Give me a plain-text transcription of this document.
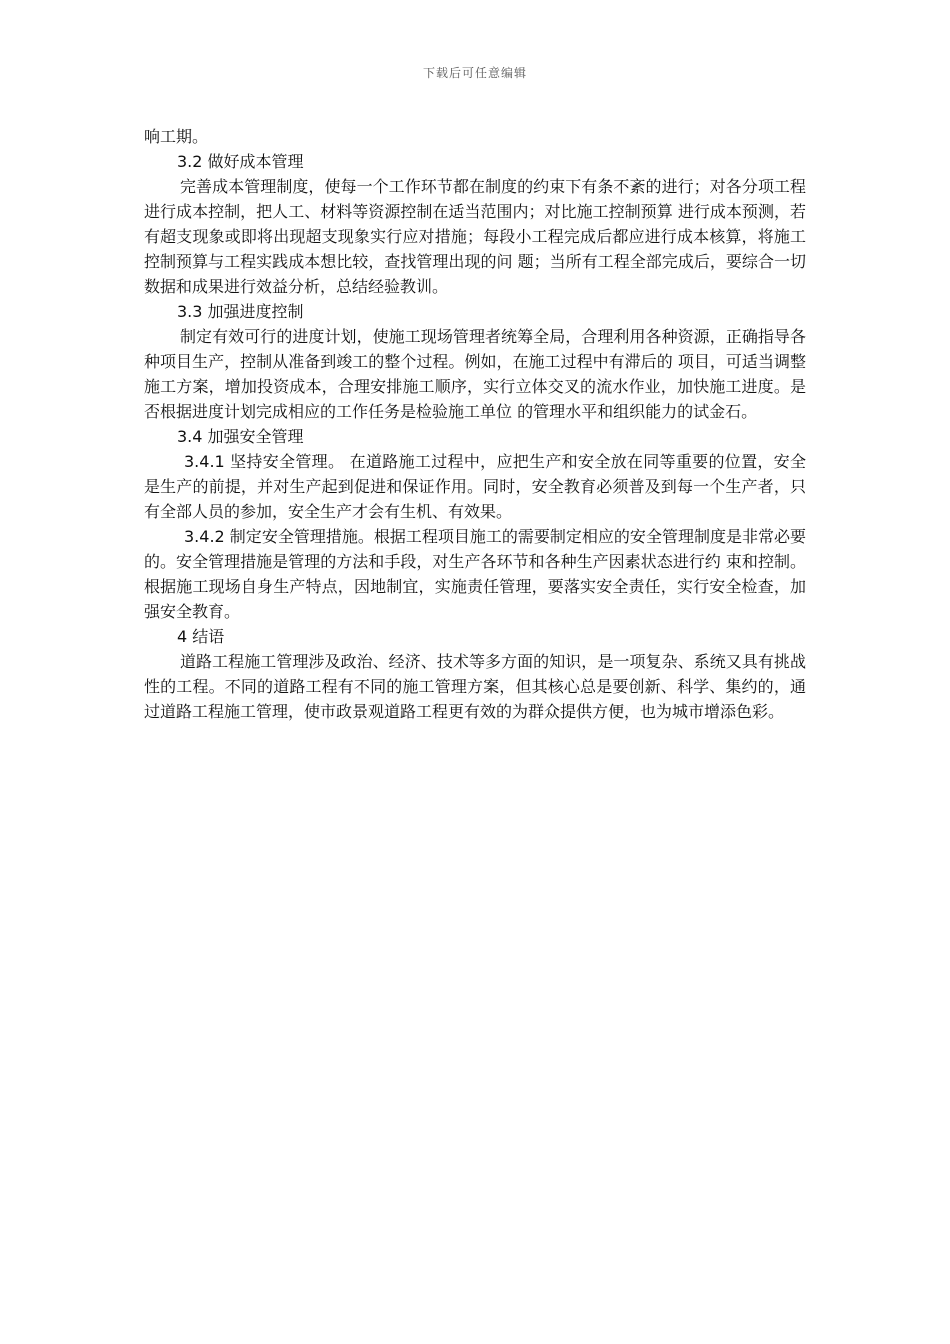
下载后可任意编辑

响工期。

3.2 做好成本管理

完善成本管理制度，使每一个工作环节都在制度的约束下有条不紊的进行；对各分项工程进行成本控制，把人工、材料等资源控制在适当范围内；对比施工控制预算 进行成本预测，若有超支现象或即将出现超支现象实行应对措施；每段小工程完成后都应进行成本核算，将施工控制预算与工程实践成本想比较，查找管理出现的问 题；当所有工程全部完成后，要综合一切数据和成果进行效益分析，总结经验教训。

3.3 加强进度控制

制定有效可行的进度计划，使施工现场管理者统筹全局，合理利用各种资源，正确指导各种项目生产，控制从准备到竣工的整个过程。例如，在施工过程中有滞后的 项目，可适当调整施工方案，增加投资成本，合理安排施工顺序，实行立体交叉的流水作业，加快施工进度。是否根据进度计划完成相应的工作任务是检验施工单位 的管理水平和组织能力的试金石。

3.4 加强安全管理

3.4.1 坚持安全管理。 在道路施工过程中，应把生产和安全放在同等重要的位置，安全是生产的前提，并对生产起到促进和保证作用。同时，安全教育必须普及到每一个生产者，只有全部人员的参加，安全生产才会有生机、有效果。

3.4.2 制定安全管理措施。根据工程项目施工的需要制定相应的安全管理制度是非常必要的。安全管理措施是管理的方法和手段，对生产各环节和各种生产因素状态进行约 束和控制。根据施工现场自身生产特点，因地制宜，实施责任管理，要落实安全责任，实行安全检查，加强安全教育。

4 结语

道路工程施工管理涉及政治、经济、技术等多方面的知识，是一项复杂、系统又具有挑战性的工程。不同的道路工程有不同的施工管理方案，但其核心总是要创新、科学、集约的，通过道路工程施工管理，使市政景观道路工程更有效的为群众提供方便，也为城市增添色彩。
